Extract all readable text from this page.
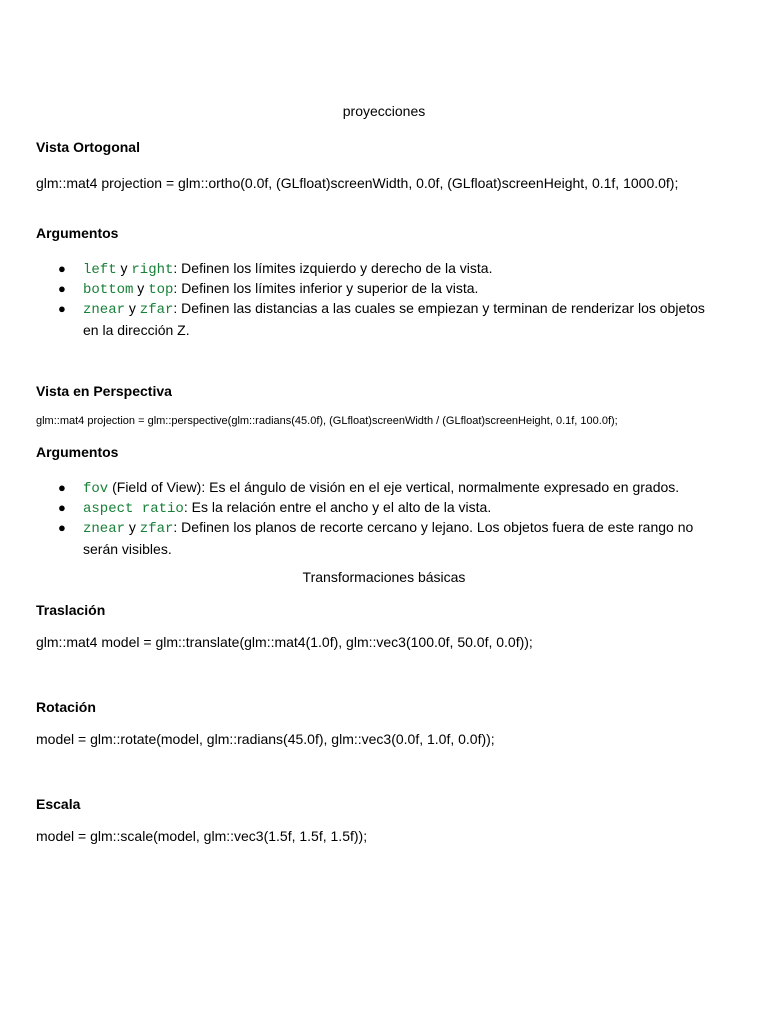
proyecciones
Vista Ortogonal
glm::mat4 projection = glm::ortho(0.0f, (GLfloat)screenWidth, 0.0f, (GLfloat)screenHeight, 0.1f, 1000.0f);
Argumentos
● left y right: Definen los límites izquierdo y derecho de la vista.
● bottom y top: Definen los límites inferior y superior de la vista.
● znear y zfar: Definen las distancias a las cuales se empiezan y terminan de renderizar los objetos en la dirección Z.
Vista en Perspectiva
glm::mat4 projection = glm::perspective(glm::radians(45.0f), (GLfloat)screenWidth / (GLfloat)screenHeight, 0.1f, 100.0f);
Argumentos
● fov (Field of View): Es el ángulo de visión en el eje vertical, normalmente expresado en grados.
● aspect ratio: Es la relación entre el ancho y el alto de la vista.
● znear y zfar: Definen los planos de recorte cercano y lejano. Los objetos fuera de este rango no serán visibles.
Transformaciones básicas
Traslación
glm::mat4 model = glm::translate(glm::mat4(1.0f), glm::vec3(100.0f, 50.0f, 0.0f));
Rotación
model = glm::rotate(model, glm::radians(45.0f), glm::vec3(0.0f, 1.0f, 0.0f));
Escala
model = glm::scale(model, glm::vec3(1.5f, 1.5f, 1.5f));
